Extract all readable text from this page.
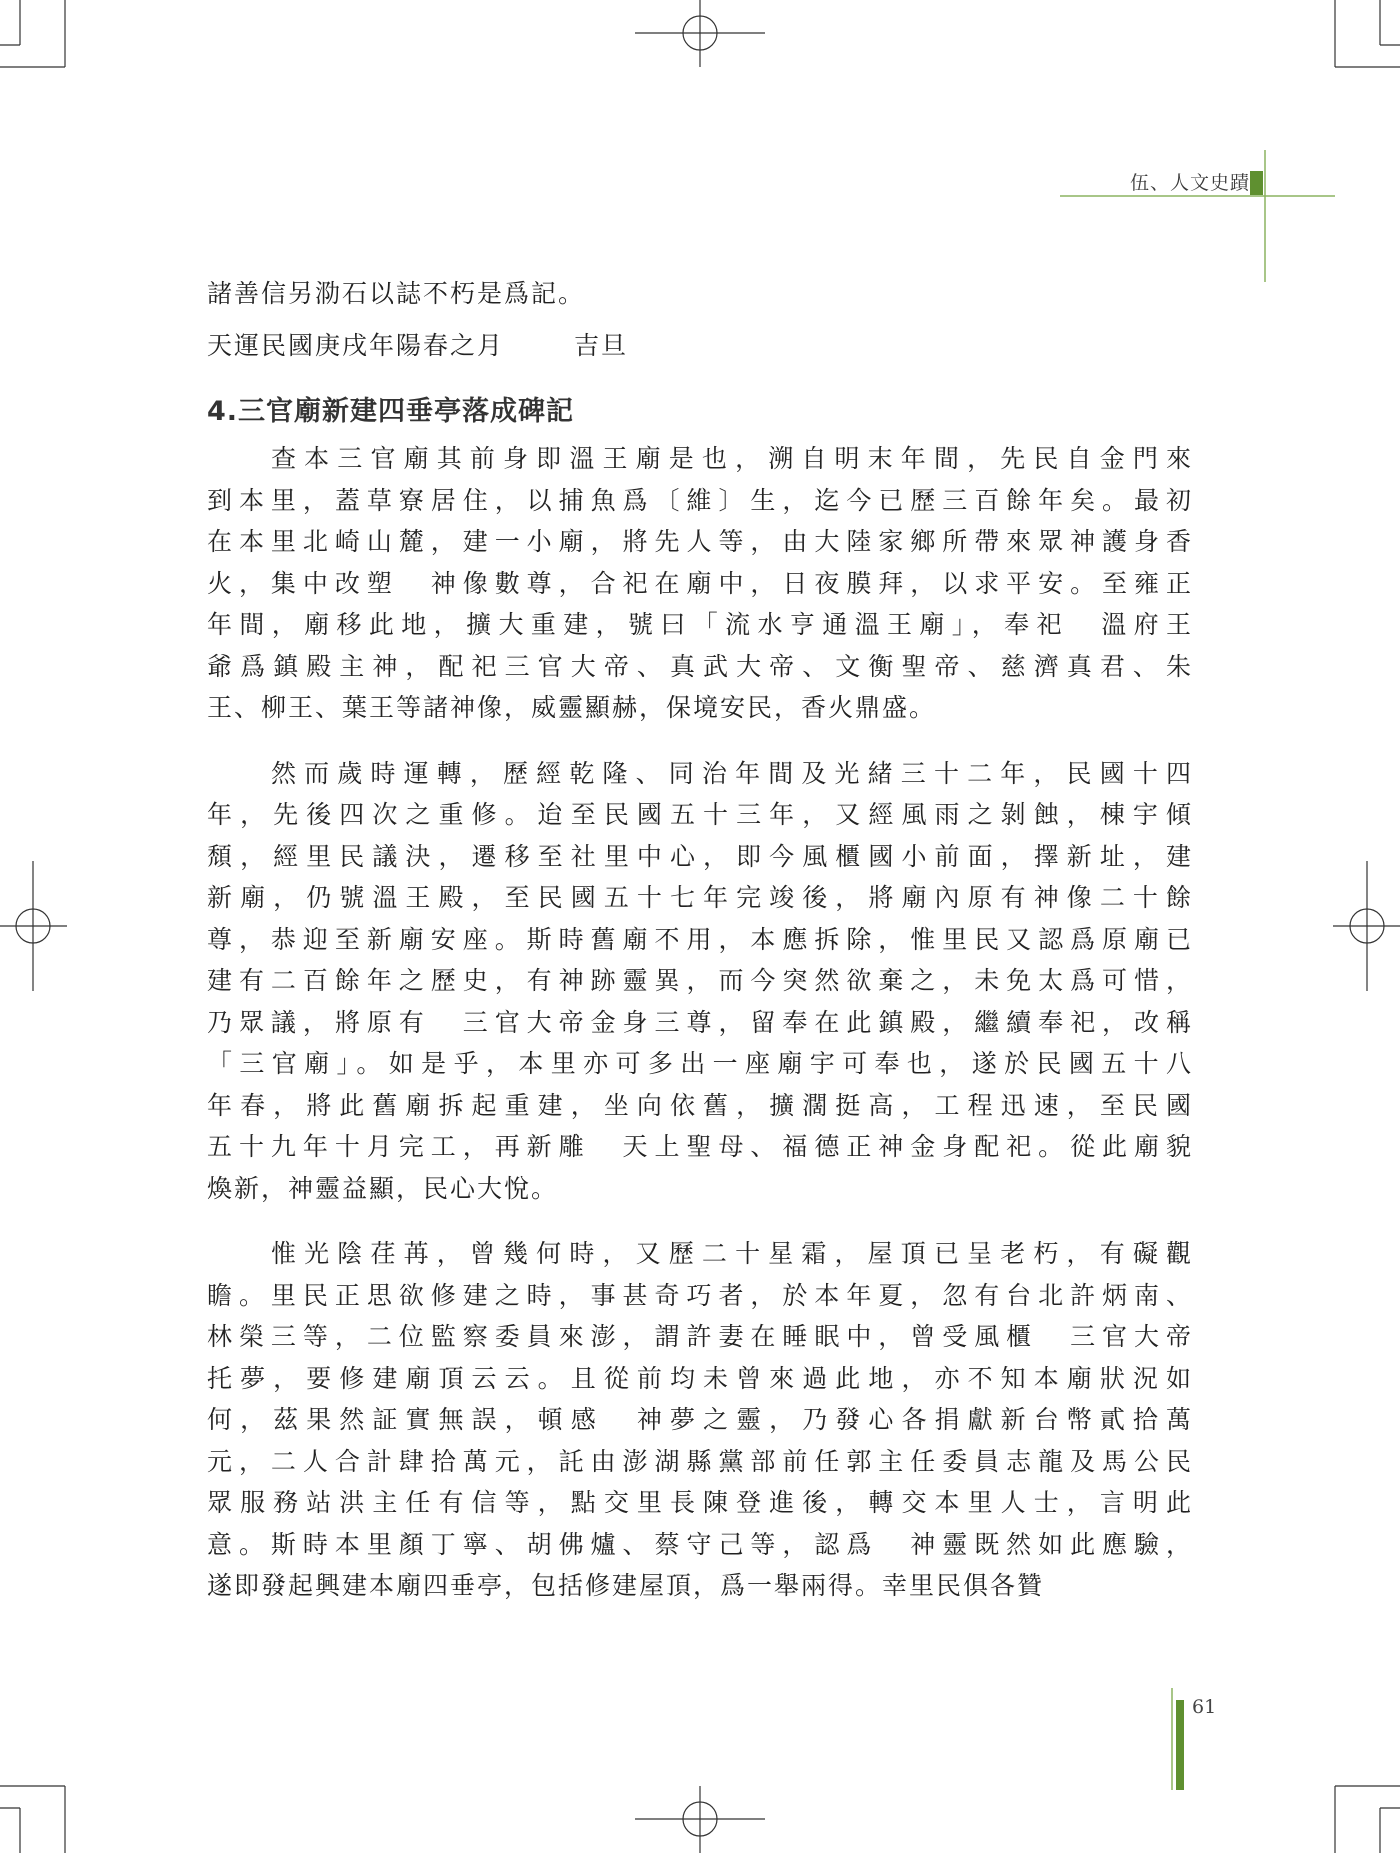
伍、人文史蹟

諸善信另泐石以誌不朽是爲記。

天運民國庚戌年陽春之月	吉旦

4.三官廟新建四垂亭落成碑記

查本三官廟其前身即溫王廟是也，溯自明末年間，先民自金門來

到本里，蓋草寮居住，以捕魚爲〔維〕生，迄今已歷三百餘年矣。最初

在本里北崎山麓，建一小廟，將先人等，由大陸家鄉所帶來眾神護身香

火，集中改塑　神像數尊，合祀在廟中，日夜膜拜，以求平安。至雍正

年間，廟移此地，擴大重建，號曰「流水亨通溫王廟」，奉祀　溫府王

爺爲鎮殿主神，配祀三官大帝、真武大帝、文衡聖帝、慈濟真君、朱

王、柳王、葉王等諸神像，威靈顯赫，保境安民，香火鼎盛。

然而歲時運轉，歷經乾隆、同治年間及光緒三十二年，民國十四

年，先後四次之重修。迨至民國五十三年，又經風雨之剝蝕，棟宇傾

頹，經里民議決，遷移至社里中心，即今風櫃國小前面，擇新址，建

新廟，仍號溫王殿，至民國五十七年完竣後，將廟內原有神像二十餘

尊，恭迎至新廟安座。斯時舊廟不用，本應拆除，惟里民又認爲原廟已

建有二百餘年之歷史，有神跡靈異，而今突然欲棄之，未免太爲可惜，

乃眾議，將原有　三官大帝金身三尊，留奉在此鎮殿，繼續奉祀，改稱

「三官廟」。如是乎，本里亦可多出一座廟宇可奉也，遂於民國五十八

年春，將此舊廟拆起重建，坐向依舊，擴濶挺高，工程迅速，至民國

五十九年十月完工，再新雕　天上聖母、福德正神金身配祀。從此廟貌

煥新，神靈益顯，民心大悅。

惟光陰荏苒，曾幾何時，又歷二十星霜，屋頂已呈老朽，有礙觀

瞻。里民正思欲修建之時，事甚奇巧者，於本年夏，忽有台北許炳南、

林榮三等，二位監察委員來澎，謂許妻在睡眠中，曾受風櫃　三官大帝

托夢，要修建廟頂云云。且從前均未曾來過此地，亦不知本廟狀況如

何，茲果然証實無誤，頓感　神夢之靈，乃發心各捐獻新台幣貳拾萬

元，二人合計肆拾萬元，託由澎湖縣黨部前任郭主任委員志龍及馬公民

眾服務站洪主任有信等，點交里長陳登進後，轉交本里人士，言明此

意。斯時本里顏丁寧、胡佛爐、蔡守己等，認爲　神靈既然如此應驗，

遂即發起興建本廟四垂亭，包括修建屋頂，爲一舉兩得。幸里民俱各贊

61
